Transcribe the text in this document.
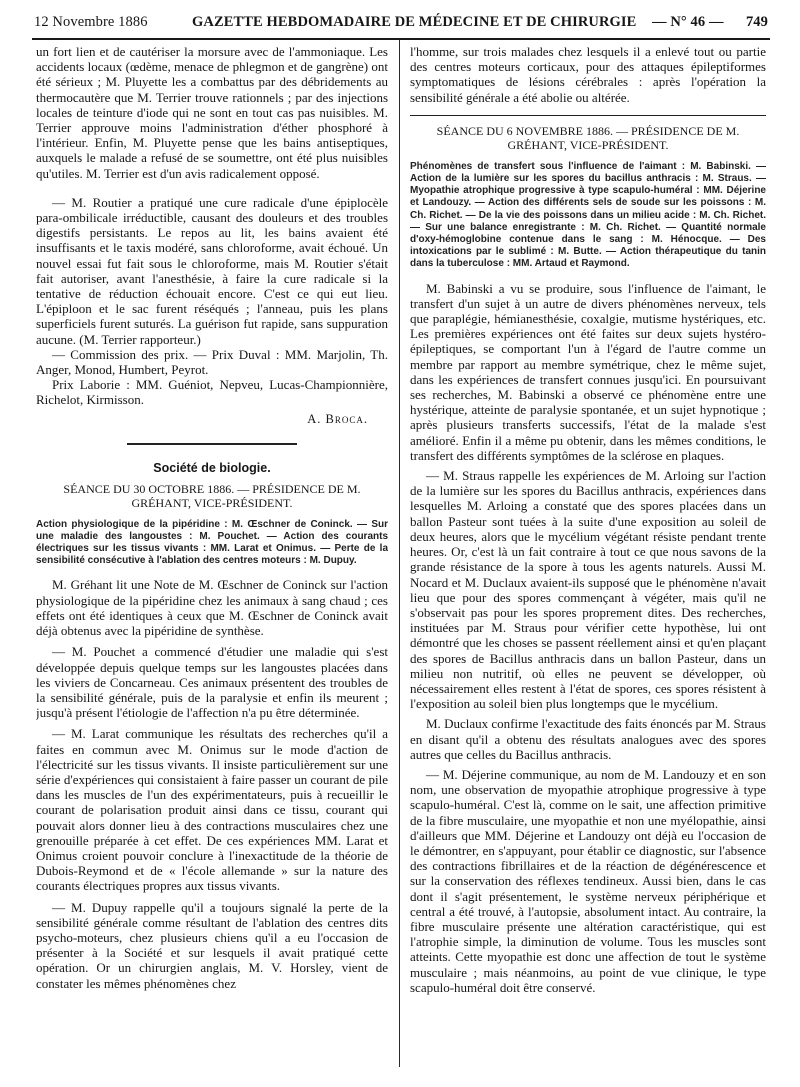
12 Novembre 1886	GAZETTE HEBDOMADAIRE DE MÉDECINE ET DE CHIRURGIE — N° 46 — 749

un fort lien et de cautériser la morsure avec de l'ammoniaque. Les accidents locaux (œdème, menace de phlegmon et de gangrène) ont été sérieux ; M. Pluyette les a combattus par des débridements au thermocautère que M. Terrier trouve rationnels ; par des injections locales de teinture d'iode qui ne sont en tout cas pas nuisibles. M. Terrier approuve moins l'administration d'éther phosphoré à l'intérieur. Enfin, M. Pluyette pense que les bains antiseptiques, auxquels le malade a refusé de se soumettre, ont été plus nuisibles qu'utiles. M. Terrier est d'un avis radicalement opposé.

— M. Routier a pratiqué une cure radicale d'une épiplocèle para-ombilicale irréductible, causant des douleurs et des troubles digestifs persistants. Le repos au lit, les bains avaient été insuffisants et le taxis modéré, sans chloroforme, avait échoué. Un nouvel essai fut fait sous le chloroforme, mais M. Routier s'était fait autoriser, avant l'anesthésie, à faire la cure radicale si la tentative de réduction échouait encore. C'est ce qui eut lieu. L'épiploon et le sac furent réséqués ; l'anneau, puis les plans superficiels furent suturés. La guérison fut rapide, sans suppuration aucune. (M. Terrier rapporteur.)

— Commission des prix. — Prix Duval : MM. Marjolin, Th. Anger, Monod, Humbert, Peyrot.

Prix Laborie : MM. Guéniot, Nepveu, Lucas-Championnière, Richelot, Kirmisson.

A. Broca.

Société de biologie.

SÉANCE DU 30 OCTOBRE 1886. — PRÉSIDENCE DE M. GRÉHANT, VICE-PRÉSIDENT.

Action physiologique de la pipéridine : M. Œschner de Coninck. — Sur une maladie des langoustes : M. Pouchet. — Action des courants électriques sur les tissus vivants : MM. Larat et Onimus. — Perte de la sensibilité consécutive à l'ablation des centres moteurs : M. Dupuy.

M. Gréhant lit une Note de M. Œschner de Coninck sur l'action physiologique de la pipéridine chez les animaux à sang chaud ; ces effets ont été identiques à ceux que M. Œschner de Coninck avait déjà obtenus avec la pipéridine de synthèse.

— M. Pouchet a commencé d'étudier une maladie qui s'est développée depuis quelque temps sur les langoustes placées dans les viviers de Concarneau. Ces animaux présentent des troubles de la sensibilité générale, puis de la paralysie et enfin ils meurent ; jusqu'à présent l'étiologie de l'affection n'a pu être déterminée.

— M. Larat communique les résultats des recherches qu'il a faites en commun avec M. Onimus sur le mode d'action de l'électricité sur les tissus vivants. Il insiste particulièrement sur une série d'expériences qui consistaient à faire passer un courant de pile dans les muscles de l'un des expérimentateurs, puis à recueillir le courant de polarisation produit ainsi dans ce tissu, courant qui pouvait alors donner lieu à des contractions musculaires chez une grenouille préparée à cet effet. De ces expériences MM. Larat et Onimus croient pouvoir conclure à l'inexactitude de la théorie de Dubois-Reymond et de « l'école allemande » sur la nature des courants électriques propres aux tissus vivants.

— M. Dupuy rappelle qu'il a toujours signalé la perte de la sensibilité générale comme résultant de l'ablation des centres dits psycho-moteurs, chez plusieurs chiens qu'il a eu l'occasion de présenter à la Société et sur lesquels il avait pratiqué cette opération. Or un chirurgien anglais, M. V. Horsley, vient de constater les mêmes phénomènes chez

l'homme, sur trois malades chez lesquels il a enlevé tout ou partie des centres moteurs corticaux, pour des attaques épileptiformes symptomatiques de lésions cérébrales : après l'opération la sensibilité générale a été abolie ou altérée.

SÉANCE DU 6 NOVEMBRE 1886. — PRÉSIDENCE DE M. GRÉHANT, VICE-PRÉSIDENT.

Phénomènes de transfert sous l'influence de l'aimant : M. Babinski. — Action de la lumière sur les spores du bacillus anthracis : M. Straus. — Myopathie atrophique progressive à type scapulo-huméral : MM. Déjerine et Landouzy. — Action des différents sels de soude sur les poissons : M. Ch. Richet. — De la vie des poissons dans un milieu acide : M. Ch. Richet. — Sur une balance enregistrante : M. Ch. Richet. — Quantité normale d'oxy-hémoglobine contenue dans le sang : M. Hénocque. — Des intoxications par le sublimé : M. Butte. — Action thérapeutique du tanin dans la tuberculose : MM. Artaud et Raymond.

M. Babinski a vu se produire, sous l'influence de l'aimant, le transfert d'un sujet à un autre de divers phénomènes nerveux, tels que paraplégie, hémianesthésie, coxalgie, mutisme hystériques, etc. Les premières expériences ont été faites sur deux sujets hystéro-épileptiques, se comportant l'un à l'égard de l'autre comme un membre par rapport au membre symétrique, chez le même sujet, dans les expériences de transfert connues jusqu'ici. En poursuivant ses recherches, M. Babinski a observé ce phénomène entre une hystérique, atteinte de paralysie spontanée, et un sujet hypnotique ; après plusieurs transferts successifs, l'état de la malade s'est amélioré. Enfin il a même pu obtenir, dans les mêmes conditions, le transfert des différents symptômes de la sclérose en plaques.

— M. Straus rappelle les expériences de M. Arloing sur l'action de la lumière sur les spores du Bacillus anthracis, expériences dans lesquelles M. Arloing a constaté que des spores placées dans un ballon Pasteur sont tuées à la suite d'une exposition au soleil de deux heures, alors que le mycélium végétant résiste pendant trente heures. Or, c'est là un fait contraire à tout ce que nous savons de la grande résistance de la spore à tous les agents naturels. Aussi M. Nocard et M. Duclaux avaient-ils supposé que le phénomène n'avait lieu que pour des spores commençant à végéter, mais qu'il ne s'observait pas pour les spores proprement dites. Des recherches, instituées par M. Straus pour vérifier cette hypothèse, lui ont démontré que les choses se passent réellement ainsi et qu'en plaçant des spores de Bacillus anthracis dans un ballon Pasteur, dans un milieu non nutritif, où elles ne peuvent se développer, où nécessairement elles restent à l'état de spores, ces spores résistent à l'exposition au soleil bien plus longtemps que le mycélium.

M. Duclaux confirme l'exactitude des faits énoncés par M. Straus en disant qu'il a obtenu des résultats analogues avec des spores autres que celles du Bacillus anthracis.

— M. Déjerine communique, au nom de M. Landouzy et en son nom, une observation de myopathie atrophique progressive à type scapulo-huméral. C'est là, comme on le sait, une affection primitive de la fibre musculaire, une myopathie et non une myélopathie, ainsi d'ailleurs que MM. Déjerine et Landouzy ont déjà eu l'occasion de le démontrer, en s'appuyant, pour établir ce diagnostic, sur l'absence des contractions fibrillaires et de la réaction de dégénérescence et sur la conservation des réflexes tendineux. Aussi bien, dans le cas dont il s'agit présentement, le système nerveux périphérique et central a été trouvé, à l'autopsie, absolument intact. Au contraire, la fibre musculaire présente une altération caractéristique, qui est l'atrophie simple, la diminution de volume. Tous les muscles sont atteints. Cette myopathie est donc une affection de tout le système musculaire ; mais néanmoins, au point de vue clinique, le type scapulo-huméral doit être conservé.
